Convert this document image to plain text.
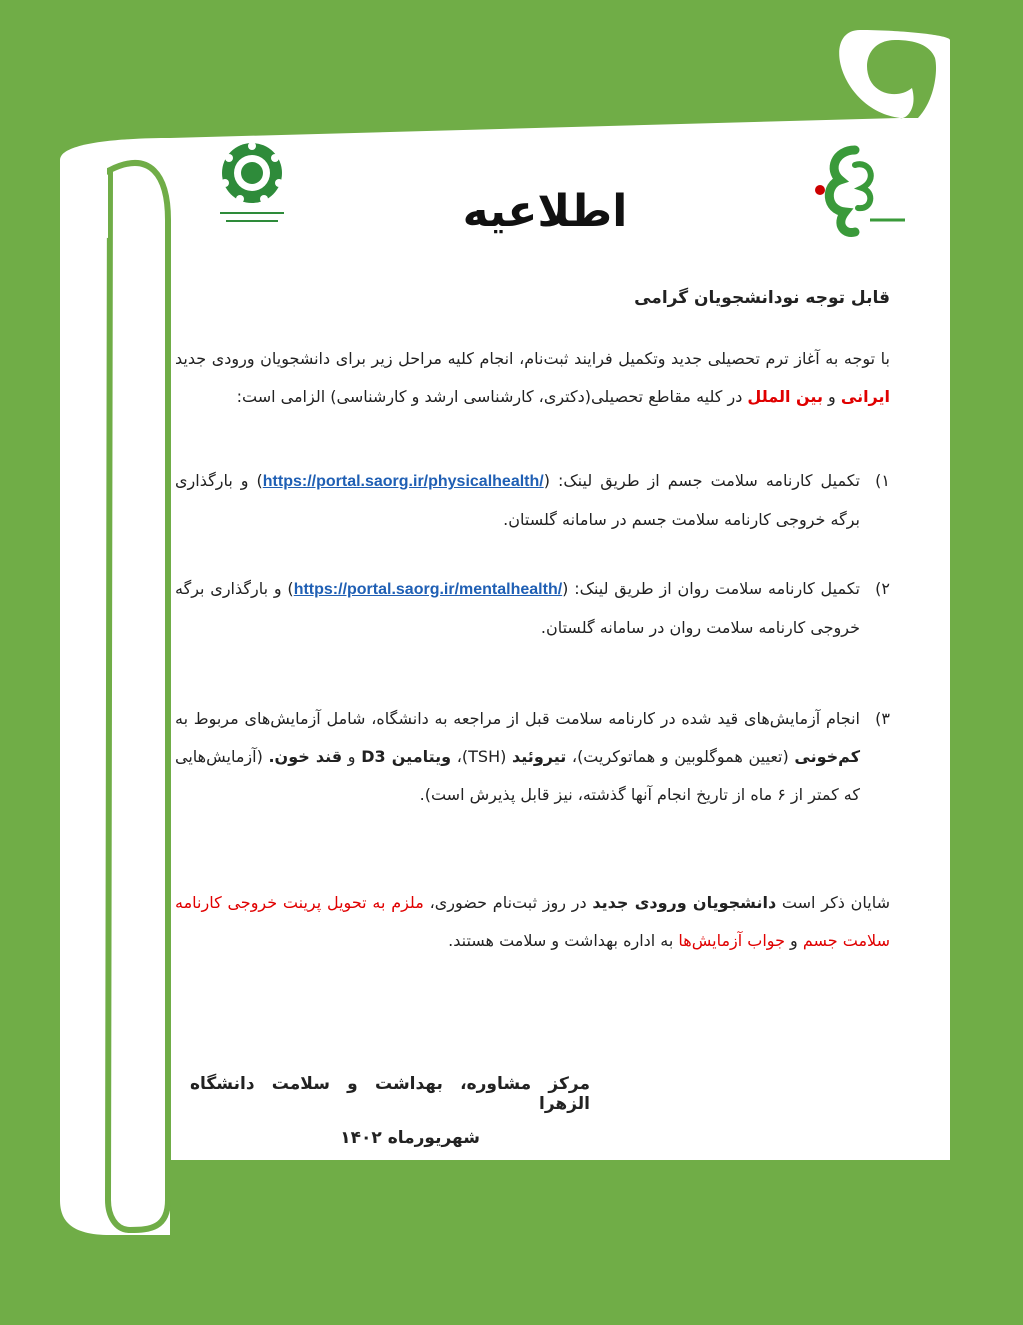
اطلاعیه
قابل توجه نودانشجویان گرامی
با توجه به آغاز ترم تحصیلی جدید وتکمیل فرایند ثبت‌نام، انجام کلیه مراحل زیر برای دانشجویان ورودی جدید ایرانی و بین الملل در کلیه مقاطع تحصیلی(دکتری، کارشناسی ارشد و کارشناسی) الزامی است:
۱)
تکمیل کارنامه سلامت جسم از طریق لینک: (https://portal.saorg.ir/physicalhealth/) و بارگذاری برگه خروجی کارنامه سلامت جسم در سامانه گلستان.
۲)
تکمیل کارنامه سلامت روان از طریق لینک: (https://portal.saorg.ir/mentalhealth/) و بارگذاری برگه خروجی کارنامه سلامت روان در سامانه گلستان.
۳)
انجام آزمایش‌های قید شده در کارنامه سلامت قبل از مراجعه به دانشگاه، شامل آزمایش‌های مربوط به کم‌خونی (تعیین هموگلوبین و هماتوکریت)، تیروئید (TSH)، ویتامین D3 و قند خون. (آزمایش‌هایی که کمتر از ۶ ماه از تاریخ انجام آنها گذشته، نیز قابل پذیرش است).
شایان ذکر است دانشجویان ورودی جدید در روز ثبت‌نام حضوری، ملزم به تحویل پرینت خروجی کارنامه سلامت جسم و جواب آزمایش‌ها به اداره بهداشت و سلامت هستند.
مرکز مشاوره، بهداشت و سلامت دانشگاه الزهرا
شهریورماه ۱۴۰۲
